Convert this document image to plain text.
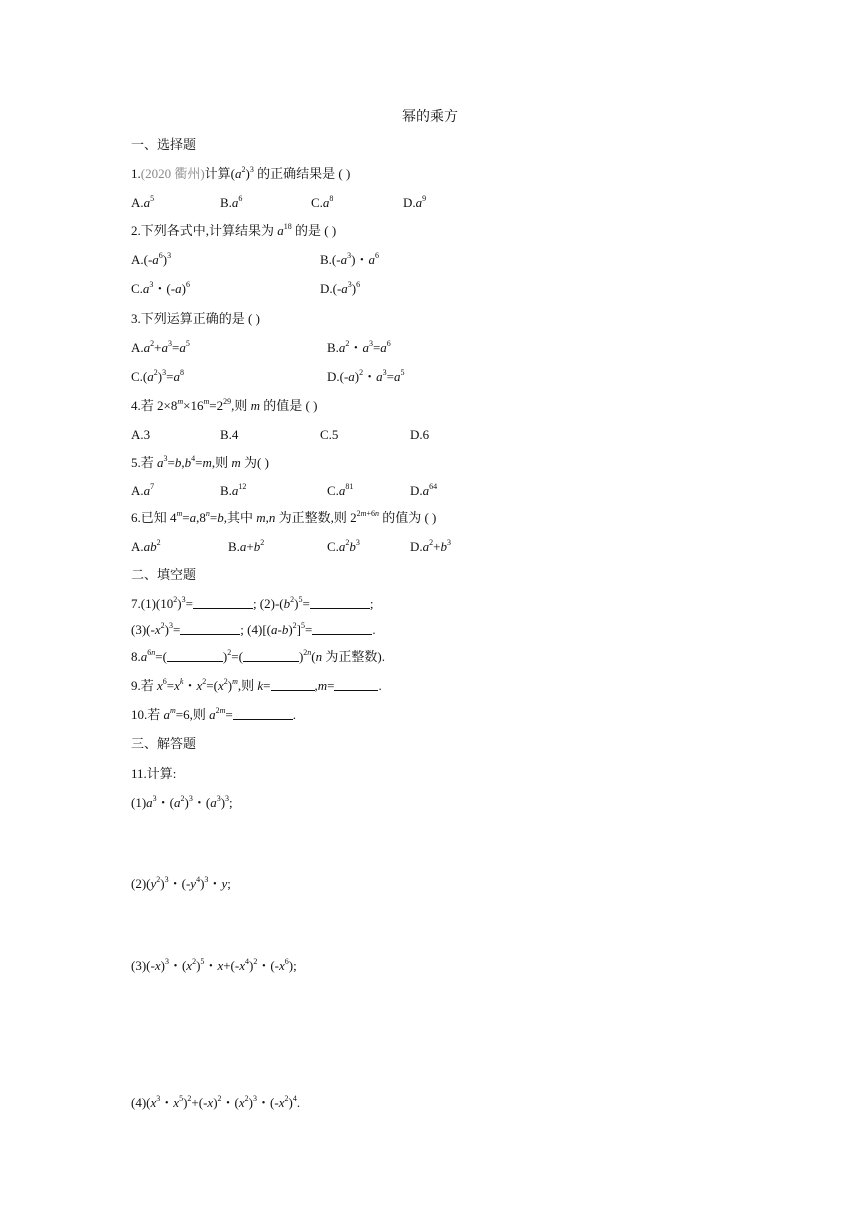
幂的乘方
一、选择题
1.(2020 衢州)计算$(a^2)^3$ 的正确结果是 ( )
$A.a^5$	$B.a^6$	$C.a^8$	$D.a^9$
2.下列各式中,计算结果为 $a^{18}$ 的是 ( )
$A.(-a^6)^3$	$B.(-a^3)$・$a^6$
$C.a^3$・$(-a)^6$	$D.(-a^3)^6$
3.下列运算正确的是 ( )
$A.a^2+a^3=a^5$	$B.a^2$・$a^3=a^6$
$C.(a^2)^3=a^8$	$D.(-a)^2$・$a^3=a^5$
4.若 $2\times 8^m\times 16^m=2^{29}$,则 m 的值是 ( )
A.3	B.4	C.5	D.6
5.若 $a^3=b,b^4=m$,则 m 为( )
$A.a^7$	$B.a^{12}$	$C.a^{81}$	$D.a^{64}$
6.已知 $4^m=a,8^n=b$,其中 m,n 为正整数,则 $2^{2m+6n}$ 的值为 ( )
$A.ab^2$	$B.a+b^2$	$C.a^2b^3$	$D.a^2+b^3$
二、填空题
$7.(1)(10^2)^3=$	; $(2)-(b^2)^5=$	;
$(3)(-x^2)^3=$	; $(4)[(a-b)^2]^5=$	.
$8.a^{6n}=$(	)$^2$=(	)$^{2n}$(n 为正整数).
9.若 $x^6=x^k$・$x^2=(x^2)^m$,则 k=	,m=	.
10.若 $a^m=6$,则 $a^{2m}=$	.
三、解答题
11.计算:
$(1)a^3$・$(a^2)^3$・$(a^3)^3$;
$(2)(y^2)^3$・$(-y^4)^3$・y;
$(3)(-x)^3$・$(x^2)^5$・$x+(-x^4)^2$・$(-x^6)$;
$(4)(x^3$・$x^5)^2+(-x)^2$・$(x^2)^3$・$(-x^2)^4$.
